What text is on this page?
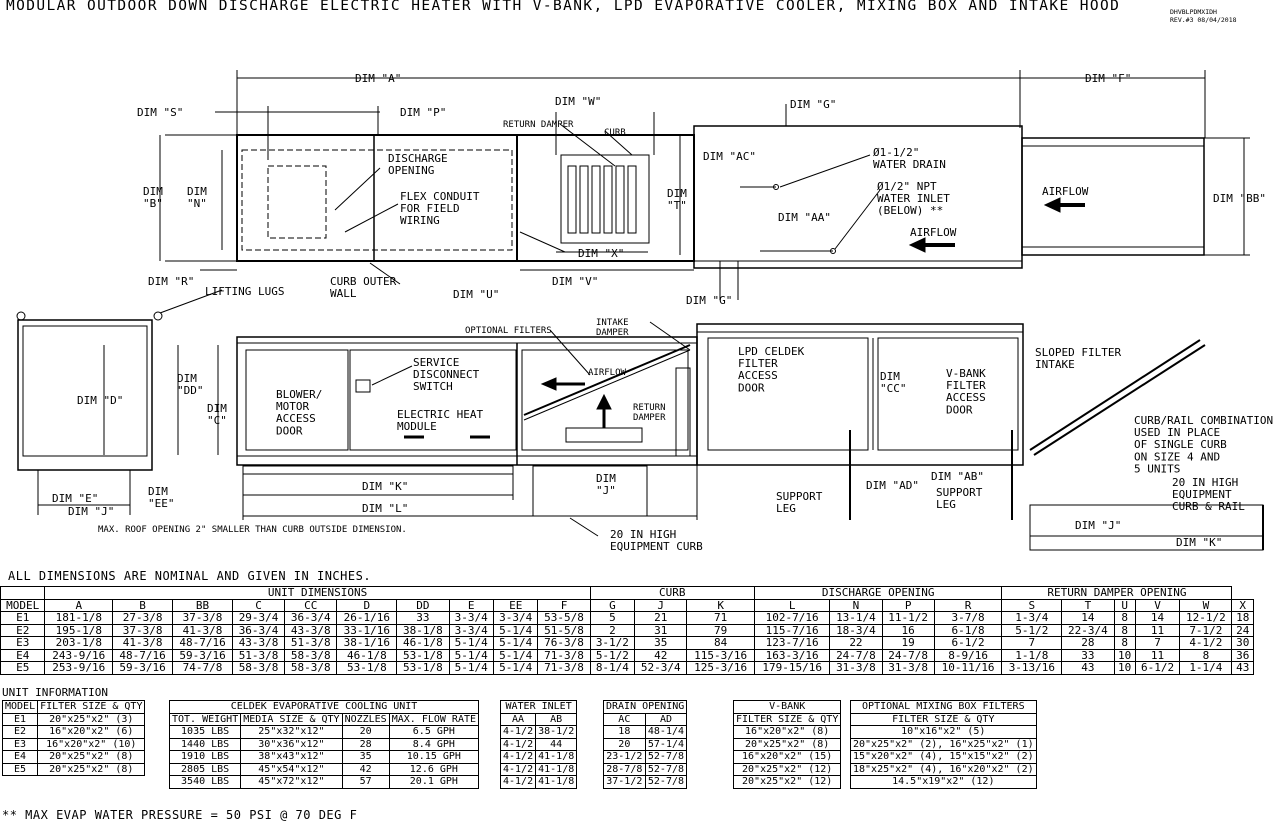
MODULAR OUTDOOR DOWN DISCHARGE ELECTRIC HEATER WITH V-BANK, LPD EVAPORATIVE COOLER, MIXING BOX AND INTAKE HOOD	DHVBLPDMXIDH
REV.#3 08/04/2018
DIM "A"	DIM "F"
DIM "S"	DIM "P"
DIM "W"	DIM "G"
DIM "B"
DIM "N"
DIM "AC"
DIM "T"
DIM "BB"
DIM "AA"
DIM "X"
DIM "R"
DIM "U"
DIM "V"
DIM "G"
DISCHARGE OPENING
FLEX CONDUIT FOR FIELD WIRING
RETURN DAMPER
CURB
Ø1-1/2" WATER DRAIN
Ø1/2" NPT WATER INLET (BELOW) **
AIRFLOW
AIRFLOW
LIFTING LUGS
CURB OUTER WALL
DIM "D"
DIM "DD"
DIM "C"
BLOWER/ MOTOR ACCESS DOOR
SERVICE DISCONNECT SWITCH
ELECTRIC HEAT MODULE
OPTIONAL FILTERS
INTAKE DAMPER
AIRFLOW
RETURN DAMPER
LPD CELDEK FILTER ACCESS DOOR
DIM "CC"
V-BANK FILTER ACCESS DOOR
SLOPED FILTER INTAKE
CURB/RAIL COMBINATION USED IN PLACE OF SINGLE CURB ON SIZE 4 AND 5 UNITS
20 IN HIGH EQUIPMENT CURB & RAIL
DIM "E"
DIM "EE"
DIM "J"
DIM "K"
DIM "L"
DIM "J"	DIM "AD"
DIM "AB"
SUPPORT LEG
SUPPORT LEG
DIM "J"
DIM "K"
MAX. ROOF OPENING 2" SMALLER THAN CURB OUTSIDE DIMENSION.	20 IN HIGH EQUIPMENT CURB
ALL DIMENSIONS ARE NOMINAL AND GIVEN IN INCHES.
	UNIT DIMENSIONS										CURB			DISCHARGE OPENING				RETURN DAMPER OPENING					
MODEL	A	B	BB	C	CC	D	DD	E	EE	F	G	J	K	L	N	P	R	S	T	U	V	W	X
E1	181-1/8	27-3/8	37-3/8	29-3/4	36-3/4	26-1/16	33	3-3/4	3-3/4	53-5/8	5	21	71	102-7/16	13-1/4	11-1/2	3-7/8	1-3/4	14	8	14	12-1/2	18
E2	195-1/8	37-3/8	41-3/8	36-3/4	43-3/8	33-1/16	38-1/8	3-3/4	5-1/4	51-5/8	2	31	79	115-7/16	18-3/4	16	6-1/8	5-1/2	22-3/4	8	11	7-1/2	24
E3	203-1/8	41-3/8	48-7/16	43-3/8	51-3/8	38-1/16	46-1/8	5-1/4	5-1/4	76-3/8	3-1/2	35	84	123-7/16	22	19	6-1/2	7	28	8	7	4-1/2	30
E4	243-9/16	48-7/16	59-3/16	51-3/8	58-3/8	46-1/8	53-1/8	5-1/4	5-1/4	71-3/8	5-1/2	42	115-3/16	163-3/16	24-7/8	24-7/8	8-9/16	1-1/8	33	10	11	8	36
E5	253-9/16	59-3/16	74-7/8	58-3/8	58-3/8	53-1/8	53-1/8	5-1/4	5-1/4	71-3/8	8-1/4	52-3/4	125-3/16	179-15/16	31-3/8	31-3/8	10-11/16	3-13/16	43	10	6-1/2	1-1/4	43
UNIT INFORMATION
MODEL	FILTER SIZE & QTY
E1	20"x25"x2" (3)
E2	16"x20"x2" (6)
E3	16"x20"x2" (10)
E4	20"x25"x2" (8)
E5	20"x25"x2" (8)
CELDEK EVAPORATIVE COOLING UNIT			
TOT. WEIGHT	MEDIA SIZE & QTY	NOZZLES	MAX. FLOW RATE
1035 LBS	25"x32"x12"	20	6.5 GPH
1440 LBS	30"x36"x12"	28	8.4 GPH
1910 LBS	38"x43"x12"	35	10.15 GPH
2805 LBS	45"x54"x12"	42	12.6 GPH
3540 LBS	45"x72"x12"	57	20.1 GPH
WATER INLET	
AA	AB
4-1/2	38-1/2
4-1/2	44
4-1/2	41-1/8
4-1/2	41-1/8
4-1/2	41-1/8
DRAIN OPENING	
AC	AD
18	48-1/4
20	57-1/4
23-1/2	52-7/8
28-7/8	52-7/8
37-1/2	52-7/8
V-BANK
FILTER SIZE & QTY
16"x20"x2" (8)
20"x25"x2" (8)
16"x20"x2" (15)
20"x25"x2" (12)
20"x25"x2" (12)
OPTIONAL MIXING BOX FILTERS
FILTER SIZE & QTY
10"x16"x2" (5)
20"x25"x2" (2), 16"x25"x2" (1)
15"x20"x2" (4), 15"x15"x2" (2)
18"x25"x2" (4), 16"x20"x2" (2)
14.5"x19"x2" (12)
** MAX EVAP WATER PRESSURE = 50 PSI @ 70 DEG F
